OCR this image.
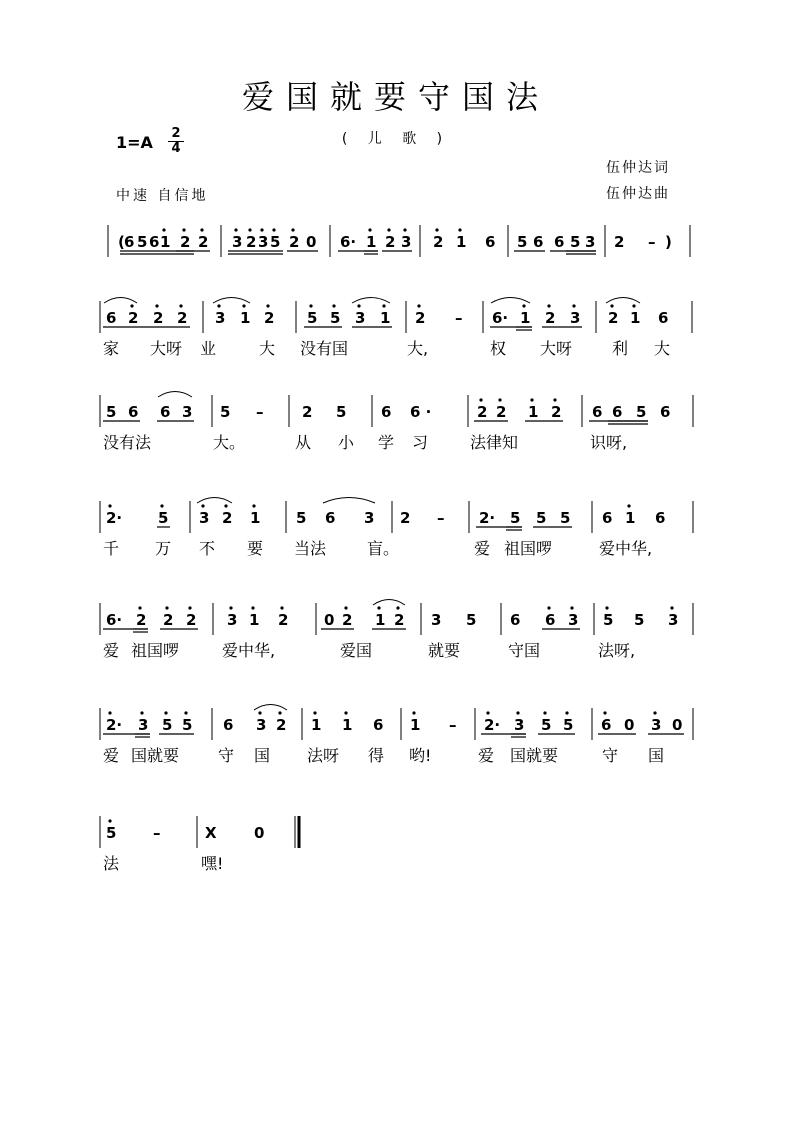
爱国就要守国法
( 儿 歌 )
1=A 2
4
中速 自信地
伍仲达词
伍仲达曲
( 6 5 6 1 2 2 3 2 3 5 2 0 6· 1 2 3 2 1 6 5 6 6 5 3 2 – )
6 2 2 2 3 1 2 5 5 3 1 2 – 6· 1 2 3 2 1 6
5 6 6 3 5 –	2 5 6 6 ·	2 2 1 2 6 6 5 6
2· 5 3 2 1 5 6 3 2 – 2· 5 5 5 6 1 6
6· 2 2 2 3 1 2 0 2 1 2 3 5 6 6 3 5 5 3
2· 3 5 5 6 3 2 1 1 6 1 – 2· 3 5 5 6 0 3 0
5 –	X 0
家 大呀 业	大 没有国	大,	权 大呀 利 大
没有法	大。	从 小 学 习	法律知	识呀,
千 万 不 要 当法	盲。	爱 祖国啰	爱中华,
爱 祖国啰	爱中华,	爱国	就要	守国	法呀,
爱 国就要 守 国 法呀 得 哟!	爱 国就要	守 国
法	嘿!
